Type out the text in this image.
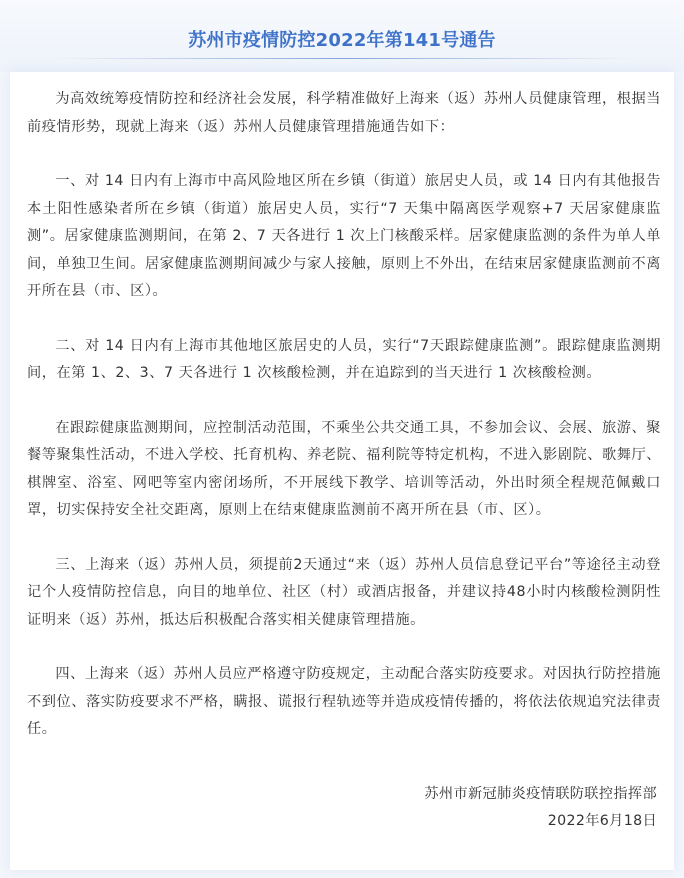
苏州市疫情防控2022年第141号通告

为高效统筹疫情防控和经济社会发展，科学精准做好上海来（返）苏州人员健康管理，根据当前疫情形势，现就上海来（返）苏州人员健康管理措施通告如下：

一、对 14 日内有上海市中高风险地区所在乡镇（街道）旅居史人员，或 14 日内有其他报告本土阳性感染者所在乡镇（街道）旅居史人员，实行“7 天集中隔离医学观察+7 天居家健康监测”。居家健康监测期间，在第 2、7 天各进行 1 次上门核酸采样。居家健康监测的条件为单人单间，单独卫生间。居家健康监测期间减少与家人接触，原则上不外出，在结束居家健康监测前不离开所在县（市、区）。

二、对 14 日内有上海市其他地区旅居史的人员，实行“7天跟踪健康监测”。跟踪健康监测期间，在第 1、2、3、7 天各进行 1 次核酸检测，并在追踪到的当天进行 1 次核酸检测。

在跟踪健康监测期间，应控制活动范围，不乘坐公共交通工具，不参加会议、会展、旅游、聚餐等聚集性活动，不进入学校、托育机构、养老院、福利院等特定机构，不进入影剧院、歌舞厅、棋牌室、浴室、网吧等室内密闭场所，不开展线下教学、培训等活动，外出时须全程规范佩戴口罩，切实保持安全社交距离，原则上在结束健康监测前不离开所在县（市、区）。

三、上海来（返）苏州人员，须提前2天通过“来（返）苏州人员信息登记平台”等途径主动登记个人疫情防控信息，向目的地单位、社区（村）或酒店报备，并建议持48小时内核酸检测阴性证明来（返）苏州，抵达后积极配合落实相关健康管理措施。

四、上海来（返）苏州人员应严格遵守防疫规定，主动配合落实防疫要求。对因执行防控措施不到位、落实防疫要求不严格，瞒报、谎报行程轨迹等并造成疫情传播的，将依法依规追究法律责任。

苏州市新冠肺炎疫情联防联控指挥部
2022年6月18日
